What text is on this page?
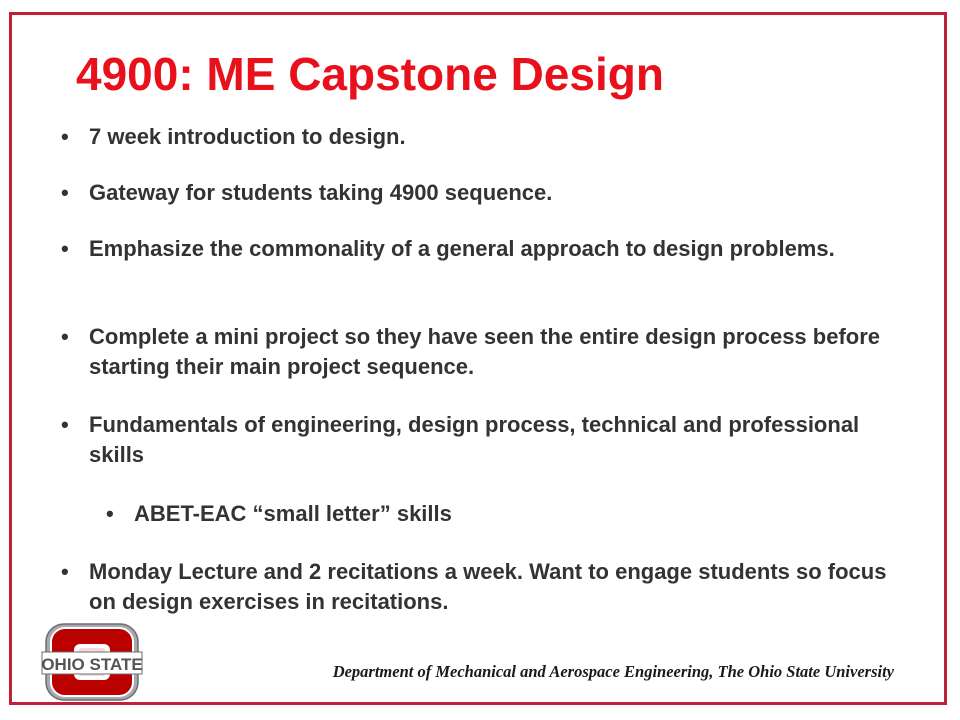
4900: ME Capstone Design
• 7 week introduction to design.
• Gateway for students taking 4900 sequence.
• Emphasize the commonality of a general approach to design problems.
• Complete a mini project so they have seen the entire design process before starting their main project sequence.
• Fundamentals of engineering, design process, technical and professional skills
• ABET-EAC “small letter” skills
• Monday Lecture and 2 recitations a week. Want to engage students so focus on design exercises in recitations.
OHIO STATE	Department of Mechanical and Aerospace Engineering, The Ohio State University
